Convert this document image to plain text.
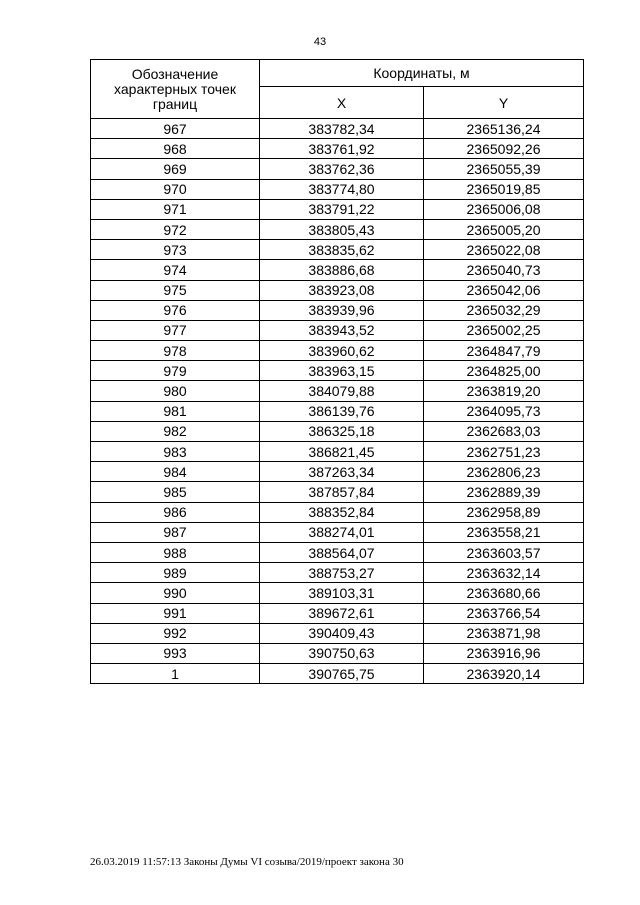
43
Обозначение характерных точек границ	Координаты, м	
	X	Y
967	383782,34	2365136,24
968	383761,92	2365092,26
969	383762,36	2365055,39
970	383774,80	2365019,85
971	383791,22	2365006,08
972	383805,43	2365005,20
973	383835,62	2365022,08
974	383886,68	2365040,73
975	383923,08	2365042,06
976	383939,96	2365032,29
977	383943,52	2365002,25
978	383960,62	2364847,79
979	383963,15	2364825,00
980	384079,88	2363819,20
981	386139,76	2364095,73
982	386325,18	2362683,03
983	386821,45	2362751,23
984	387263,34	2362806,23
985	387857,84	2362889,39
986	388352,84	2362958,89
987	388274,01	2363558,21
988	388564,07	2363603,57
989	388753,27	2363632,14
990	389103,31	2363680,66
991	389672,61	2363766,54
992	390409,43	2363871,98
993	390750,63	2363916,96
1	390765,75	2363920,14
26.03.2019 11:57:13 Законы Думы VI созыва/2019/проект закона 30
